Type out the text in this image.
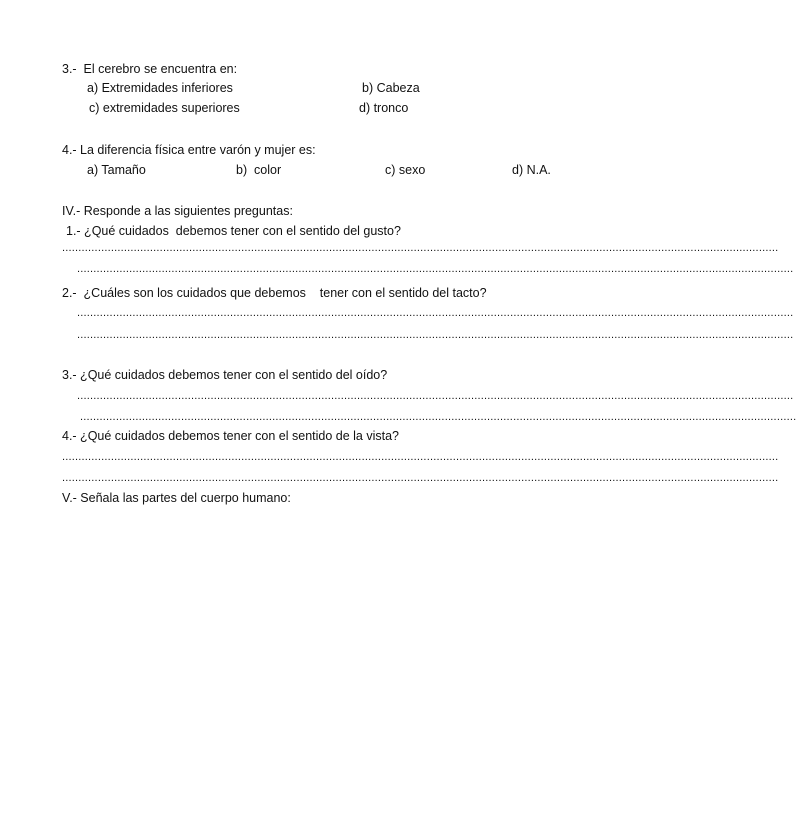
3.-  El cerebro se encuentra en:
a) Extremidades inferiores	b) Cabeza
c) extremidades superiores	d) tronco
4.- La diferencia física entre varón y mujer es:
a) Tamaño	b)  color	c) sexo	d) N.A.
IV.- Responde a las siguientes preguntas:
1.- ¿Qué cuidados  debemos tener con el sentido del gusto?
............................................................................................................................................................................................................................
............................................................................................................................................................................................................................
2.-  ¿Cuáles son los cuidados que debemos    tener con el sentido del tacto?
............................................................................................................................................................................................................................
............................................................................................................................................................................................................................
3.- ¿Qué cuidados debemos tener con el sentido del oído?
............................................................................................................................................................................................................................
............................................................................................................................................................................................................................
4.- ¿Qué cuidados debemos tener con el sentido de la vista?
............................................................................................................................................................................................................................
............................................................................................................................................................................................................................
V.- Señala las partes del cuerpo humano:
